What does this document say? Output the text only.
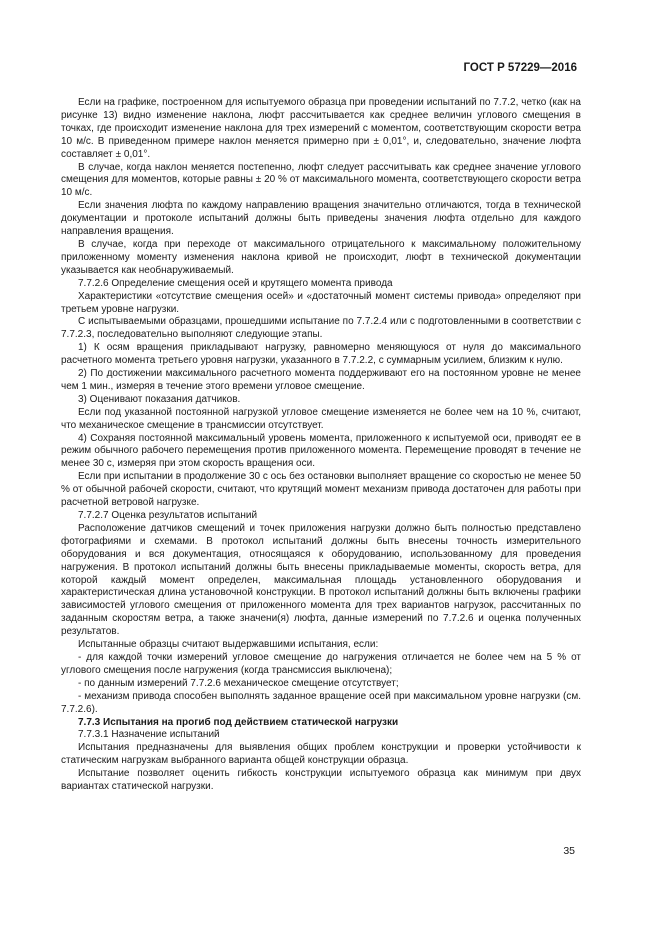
ГОСТ Р 57229—2016

Если на графике, построенном для испытуемого образца при проведении испытаний по 7.7.2, четко (как на рисунке 13) видно изменение наклона, люфт рассчитывается как среднее величин углового смещения в точках, где происходит изменение наклона для трех измерений с моментом, соответствующим скорости ветра 10 м/с. В приведенном примере наклон меняется примерно при ± 0,01°, и, следовательно, значение люфта составляет ± 0,01°.

В случае, когда наклон меняется постепенно, люфт следует рассчитывать как среднее значение углового смещения для моментов, которые равны ± 20 % от максимального момента, соответствующего скорости ветра 10 м/с.

Если значения люфта по каждому направлению вращения значительно отличаются, тогда в технической документации и протоколе испытаний должны быть приведены значения люфта отдельно для каждого направления вращения.

В случае, когда при переходе от максимального отрицательного к максимальному положительному приложенному моменту изменения наклона кривой не происходит, люфт в технической документации указывается как необнаруживаемый.

7.7.2.6 Определение смещения осей и крутящего момента привода

Характеристики «отсутствие смещения осей» и «достаточный момент системы привода» определяют при третьем уровне нагрузки.

С испытываемыми образцами, прошедшими испытание по 7.7.2.4 или с подготовленными в соответствии с 7.7.2.3, последовательно выполняют следующие этапы.

1) К осям вращения прикладывают нагрузку, равномерно меняющуюся от нуля до максимального расчетного момента третьего уровня нагрузки, указанного в 7.7.2.2, с суммарным усилием, близким к нулю.

2) По достижении максимального расчетного момента поддерживают его на постоянном уровне не менее чем 1 мин., измеряя в течение этого времени угловое смещение.

3) Оценивают показания датчиков.

Если под указанной постоянной нагрузкой угловое смещение изменяется не более чем на 10 %, считают, что механическое смещение в трансмиссии отсутствует.

4) Сохраняя постоянной максимальный уровень момента, приложенного к испытуемой оси, приводят ее в режим обычного рабочего перемещения против приложенного момента. Перемещение проводят в течение не менее 30 с, измеряя при этом скорость вращения оси.

Если при испытании в продолжение 30 с ось без остановки выполняет вращение со скоростью не менее 50 % от обычной рабочей скорости, считают, что крутящий момент механизм привода достаточен для работы при расчетной ветровой нагрузке.

7.7.2.7 Оценка результатов испытаний

Расположение датчиков смещений и точек приложения нагрузки должно быть полностью представлено фотографиями и схемами. В протокол испытаний должны быть внесены точность измерительного оборудования и вся документация, относящаяся к оборудованию, использованному для проведения нагружения. В протокол испытаний должны быть внесены прикладываемые моменты, скорость ветра, для которой каждый момент определен, максимальная площадь установленного оборудования и характеристическая длина установочной конструкции. В протокол испытаний должны быть включены графики зависимостей углового смещения от приложенного момента для трех вариантов нагрузок, рассчитанных по заданным скоростям ветра, а также значени(я) люфта, данные измерений по 7.7.2.6 и оценка полученных результатов.

Испытанные образцы считают выдержавшими испытания, если:

- для каждой точки измерений угловое смещение до нагружения отличается не более чем на 5 % от углового смещения после нагружения (когда трансмиссия выключена);

- по данным измерений 7.7.2.6 механическое смещение отсутствует;

- механизм привода способен выполнять заданное вращение осей при максимальном уровне нагрузки (см. 7.7.2.6).

7.7.3 Испытания на прогиб под действием статической нагрузки

7.7.3.1 Назначение испытаний

Испытания предназначены для выявления общих проблем конструкции и проверки устойчивости к статическим нагрузкам выбранного варианта общей конструкции образца.

Испытание позволяет оценить гибкость конструкции испытуемого образца как минимум при двух вариантах статической нагрузки.

35
